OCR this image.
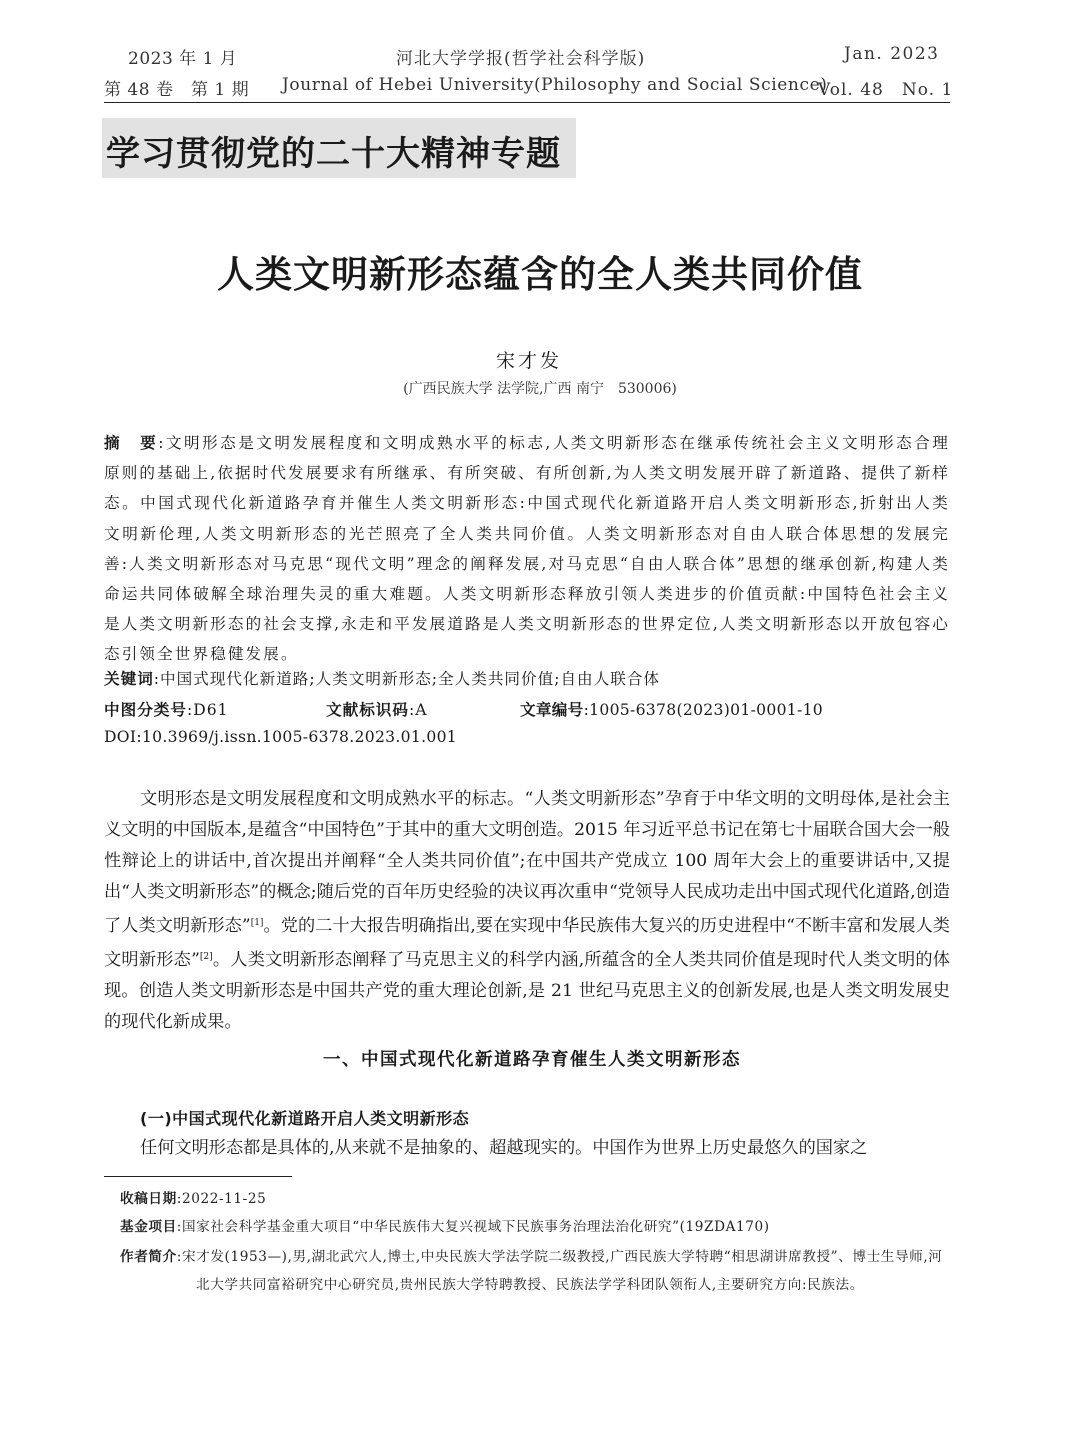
2023 年 1 月	河北大学学报(哲学社会科学版)	Jan. 2023
第 48 卷　第 1 期 Journal of Hebei University(Philosophy and Social Science)
Vol. 48　No. 1
学习贯彻党的二十大精神专题
人类文明新形态蕴含的全人类共同价值
宋才发
(广西民族大学 法学院,广西 南宁　530006)
摘　要:文明形态是文明发展程度和文明成熟水平的标志,人类文明新形态在继承传统社会主义文明形态合理原则的基础上,依据时代发展要求有所继承、有所突破、有所创新,为人类文明发展开辟了新道路、提供了新样态。中国式现代化新道路孕育并催生人类文明新形态:中国式现代化新道路开启人类文明新形态,折射出人类文明新伦理,人类文明新形态的光芒照亮了全人类共同价值。人类文明新形态对自由人联合体思想的发展完善:人类文明新形态对马克思“现代文明”理念的阐释发展,对马克思“自由人联合体”思想的继承创新,构建人类命运共同体破解全球治理失灵的重大难题。人类文明新形态释放引领人类进步的价值贡献:中国特色社会主义是人类文明新形态的社会支撑,永走和平发展道路是人类文明新形态的世界定位,人类文明新形态以开放包容心态引领全世界稳健发展。
关键词:中国式现代化新道路;人类文明新形态;全人类共同价值;自由人联合体
中图分类号:D61	文献标识码:A	文章编号:1005-6378(2023)01-0001-10
DOI:10.3969/j.issn.1005-6378.2023.01.001
文明形态是文明发展程度和文明成熟水平的标志。“人类文明新形态”孕育于中华文明的文明母体,是社会主义文明的中国版本,是蕴含“中国特色”于其中的重大文明创造。2015 年习近平总书记在第七十届联合国大会一般性辩论上的讲话中,首次提出并阐释“全人类共同价值”;在中国共产党成立 100 周年大会上的重要讲话中,又提出“人类文明新形态”的概念;随后党的百年历史经验的决议再次重申“党领导人民成功走出中国式现代化道路,创造了人类文明新形态”[1]。党的二十大报告明确指出,要在实现中华民族伟大复兴的历史进程中“不断丰富和发展人类文明新形态”[2]。人类文明新形态阐释了马克思主义的科学内涵,所蕴含的全人类共同价值是现时代人类文明的体现。创造人类文明新形态是中国共产党的重大理论创新,是 21 世纪马克思主义的创新发展,也是人类文明发展史的现代化新成果。
一、中国式现代化新道路孕育催生人类文明新形态
(一)中国式现代化新道路开启人类文明新形态
任何文明形态都是具体的,从来就不是抽象的、超越现实的。中国作为世界上历史最悠久的国家之
收稿日期:2022-11-25
基金项目:国家社会科学基金重大项目“中华民族伟大复兴视域下民族事务治理法治化研究”(19ZDA170)
作者简介:宋才发(1953—),男,湖北武穴人,博士,中央民族大学法学院二级教授,广西民族大学特聘“相思湖讲席教授”、博士生导师,河北大学共同富裕研究中心研究员,贵州民族大学特聘教授、民族法学学科团队领衔人,主要研究方向:民族法。
